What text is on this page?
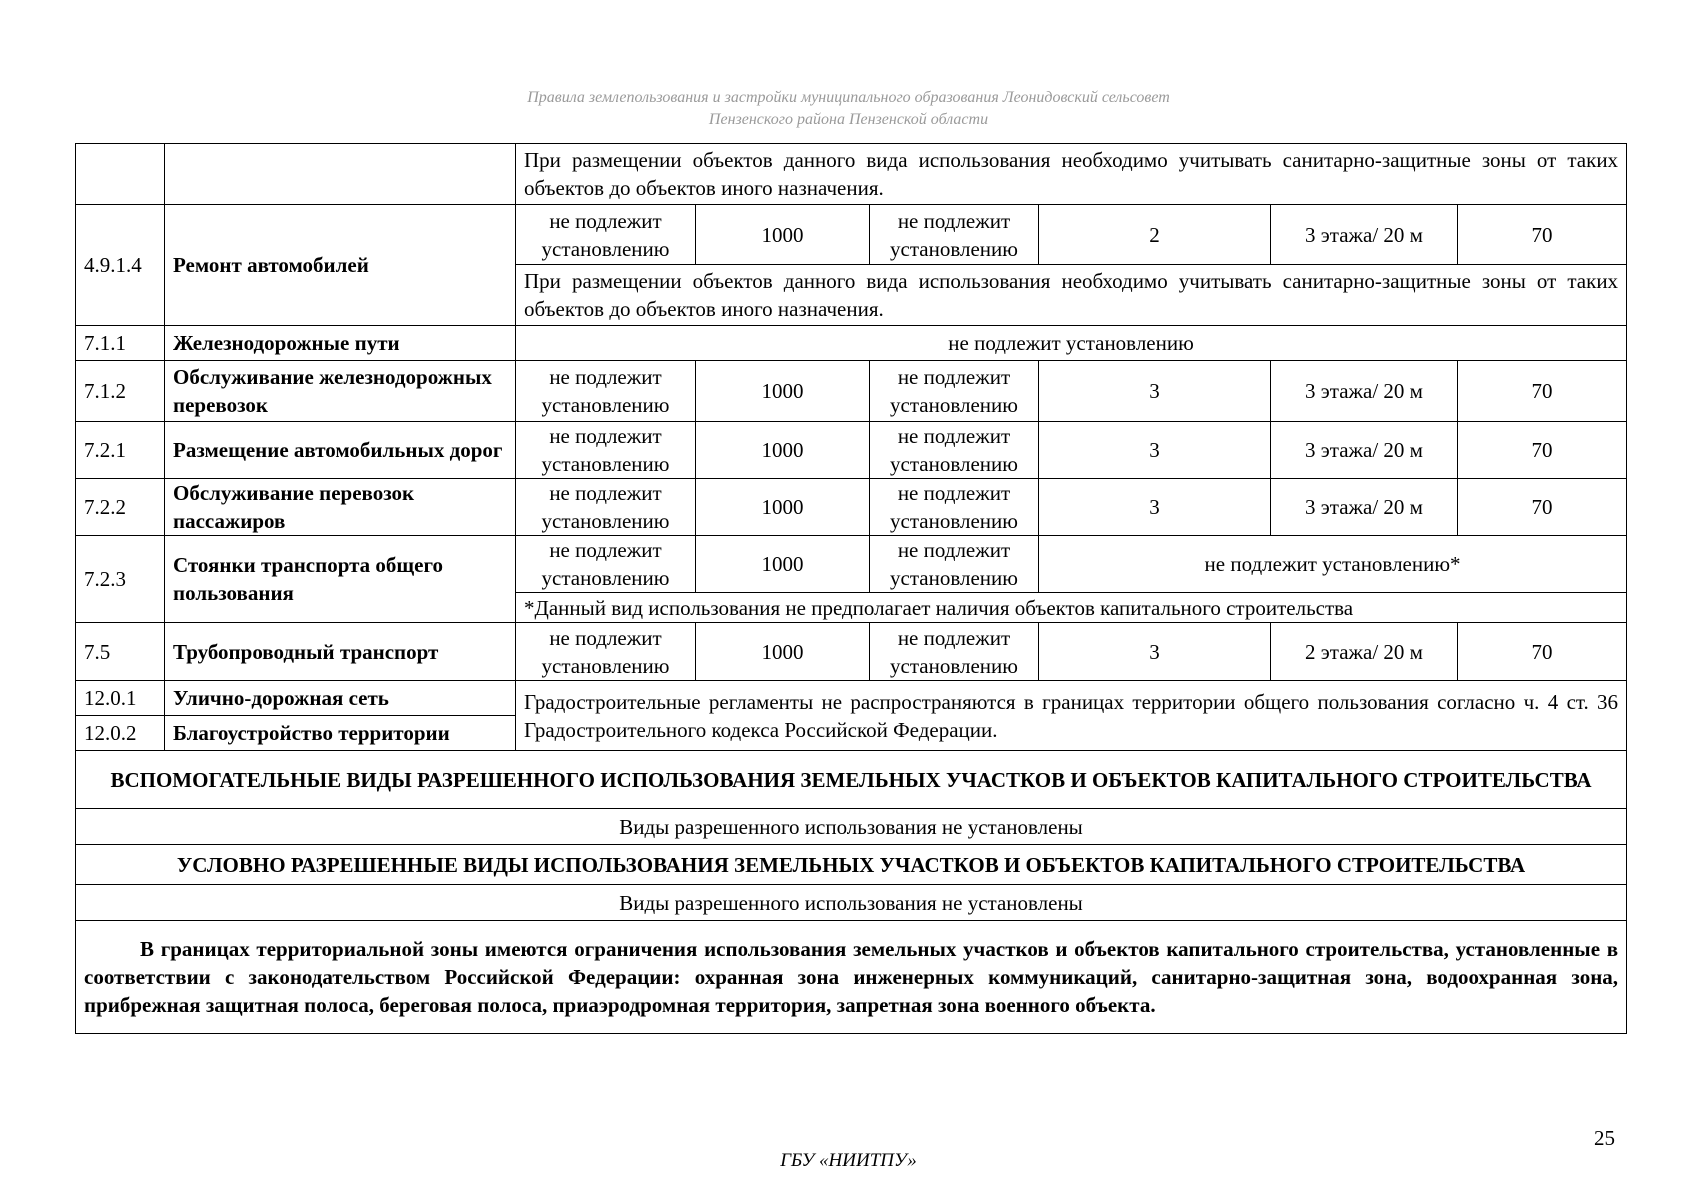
Правила землепользования и застройки муниципального образования Леонидовский сельсовет
Пензенского района Пензенской области
		При размещении объектов данного вида использования необходимо учитывать санитарно-защитные зоны от таких объектов до объектов иного назначения.					
4.9.1.4	Ремонт автомобилей	не подлежит установлению	1000	не подлежит установлению	2	3 этажа/ 20 м	70
		При размещении объектов данного вида использования необходимо учитывать санитарно-защитные зоны от таких объектов до объектов иного назначения.					
7.1.1	Железнодорожные пути	не подлежит установлению					
7.1.2	Обслуживание железнодорожных перевозок	не подлежит установлению	1000	не подлежит установлению	3	3 этажа/ 20 м	70
7.2.1	Размещение автомобильных дорог	не подлежит установлению	1000	не подлежит установлению	3	3 этажа/ 20 м	70
7.2.2	Обслуживание перевозок пассажиров	не подлежит установлению	1000	не подлежит установлению	3	3 этажа/ 20 м	70
7.2.3	Стоянки транспорта общего пользования	не подлежит установлению	1000	не подлежит установлению	не подлежит установлению*		
		*Данный вид использования не предполагает наличия объектов капитального строительства					
7.5	Трубопроводный транспорт	не подлежит установлению	1000	не подлежит установлению	3	2 этажа/ 20 м	70
12.0.1	Улично-дорожная сеть	Градостроительные регламенты не распространяются в границах территории общего пользования согласно ч. 4 ст. 36 Градостроительного кодекса Российской Федерации.					
12.0.2	Благоустройство территории						
ВСПОМОГАТЕЛЬНЫЕ ВИДЫ РАЗРЕШЕННОГО ИСПОЛЬЗОВАНИЯ ЗЕМЕЛЬНЫХ УЧАСТКОВ И ОБЪЕКТОВ КАПИТАЛЬНОГО СТРОИТЕЛЬСТВА							
Виды разрешенного использования не установлены							
УСЛОВНО РАЗРЕШЕННЫЕ ВИДЫ ИСПОЛЬЗОВАНИЯ ЗЕМЕЛЬНЫХ УЧАСТКОВ И ОБЪЕКТОВ КАПИТАЛЬНОГО СТРОИТЕЛЬСТВА							
Виды разрешенного использования не установлены							
В границах территориальной зоны имеются ограничения использования земельных участков и объектов капитального строительства, установленные в соответствии с законодательством Российской Федерации: охранная зона инженерных коммуникаций, санитарно-защитная зона, водоохранная зона, прибрежная защитная полоса, береговая полоса, приаэродромная территория, запретная зона военного объекта.							
25
ГБУ «НИИТПУ»
